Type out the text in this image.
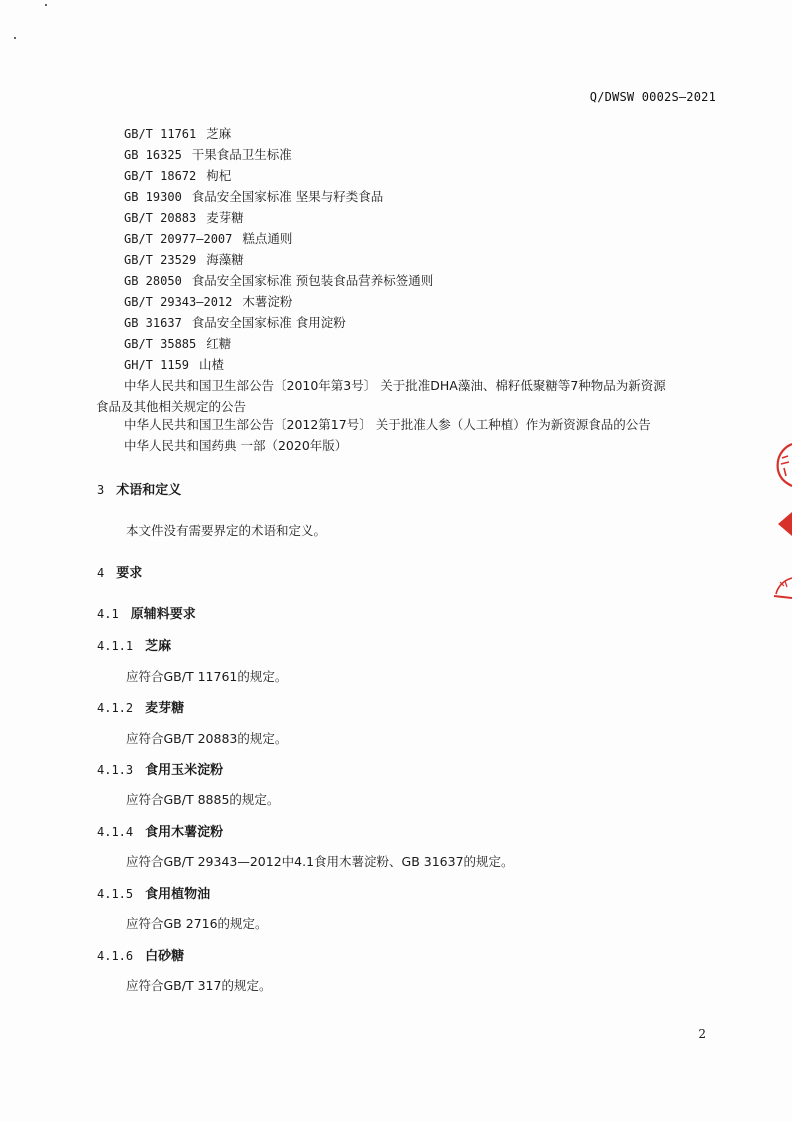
Q/DWSW 0002S—2021
GB/T 11761 芝麻
GB 16325 干果食品卫生标准
GB/T 18672 枸杞
GB 19300 食品安全国家标准 坚果与籽类食品
GB/T 20883 麦芽糖
GB/T 20977—2007 糕点通则
GB/T 23529 海藻糖
GB 28050 食品安全国家标准 预包装食品营养标签通则
GB/T 29343—2012 木薯淀粉
GB 31637 食品安全国家标准 食用淀粉
GB/T 35885 红糖
GH/T 1159 山楂
中华人民共和国卫生部公告〔2010年第3号〕 关于批准DHA藻油、棉籽低聚糖等7种物品为新资源
食品及其他相关规定的公告
中华人民共和国卫生部公告〔2012第17号〕 关于批准人参（人工种植）作为新资源食品的公告
中华人民共和国药典 一部（2020年版）
3 术语和定义
本文件没有需要界定的术语和定义。
4 要求
4.1 原辅料要求
4.1.1 芝麻
应符合GB/T 11761的规定。
4.1.2 麦芽糖
应符合GB/T 20883的规定。
4.1.3 食用玉米淀粉
应符合GB/T 8885的规定。
4.1.4 食用木薯淀粉
应符合GB/T 29343—2012中4.1食用木薯淀粉、GB 31637的规定。
4.1.5 食用植物油
应符合GB 2716的规定。
4.1.6 白砂糖
应符合GB/T 317的规定。
2
